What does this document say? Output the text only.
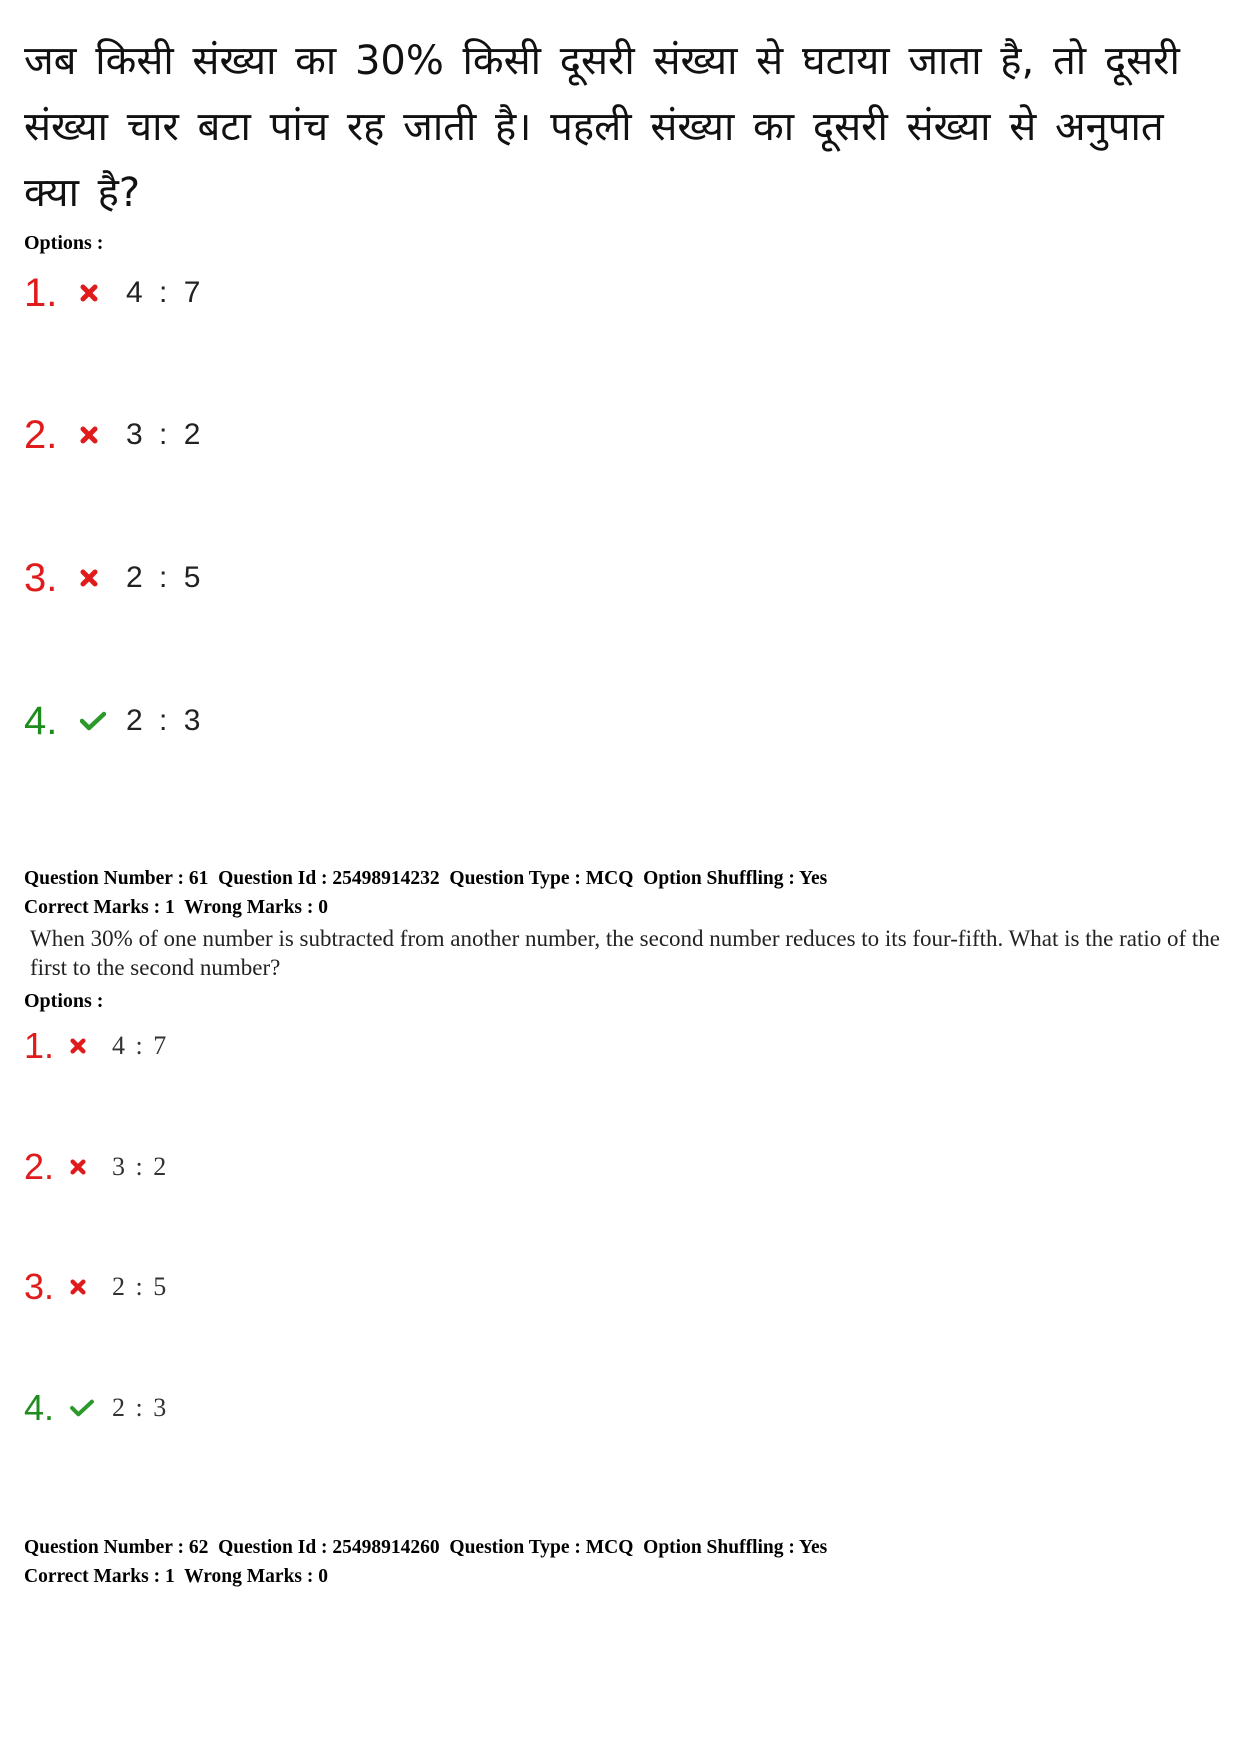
जब किसी संख्या का 30% किसी दूसरी संख्या से घटाया जाता है, तो दूसरी संख्या चार बटा पांच रह जाती है। पहली संख्या का दूसरी संख्या से अनुपात क्या है?
Options :
1.	4 : 7
2.	3 : 2
3.	2 : 5
4.	2 : 3
Question Number : 61  Question Id : 25498914232  Question Type : MCQ  Option Shuffling : Yes
Correct Marks : 1  Wrong Marks : 0
When 30% of one number is subtracted from another number, the second number reduces to its four-fifth. What is the ratio of the first to the second number?
Options :
1.	4 : 7
2.	3 : 2
3.	2 : 5
4.	2 : 3
Question Number : 62  Question Id : 25498914260  Question Type : MCQ  Option Shuffling : Yes
Correct Marks : 1  Wrong Marks : 0
